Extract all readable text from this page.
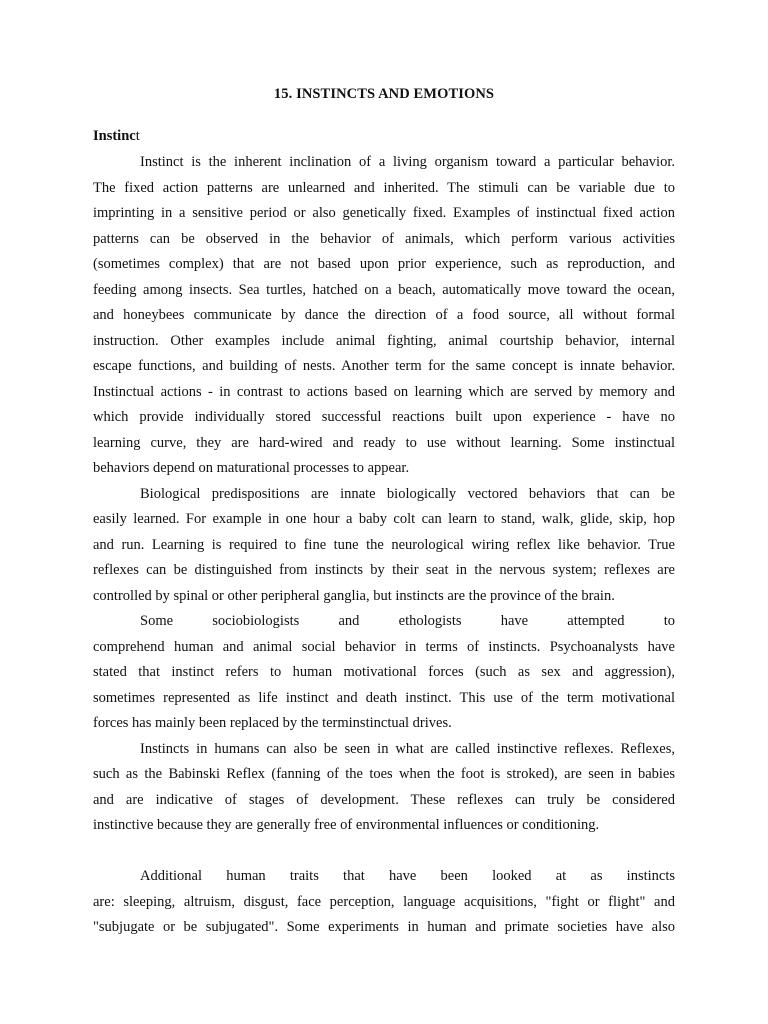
15. INSTINCTS AND EMOTIONS
Instinct
Instinct is the inherent inclination of a living organism toward a particular behavior.
The fixed action patterns are unlearned and inherited. The stimuli can be variable due to
imprinting in a sensitive period or also genetically fixed. Examples of instinctual fixed action
patterns can be observed in the behavior of animals, which perform various activities
(sometimes complex) that are not based upon prior experience, such as reproduction, and
feeding among insects. Sea turtles, hatched on a beach, automatically move toward the ocean,
and honeybees communicate by dance the direction of a food source, all without formal
instruction. Other examples include animal fighting, animal courtship behavior, internal
escape functions, and building of nests. Another term for the same concept is innate behavior.
Instinctual actions - in contrast to actions based on learning which are served by memory and
which provide individually stored successful reactions built upon experience - have no
learning curve, they are hard-wired and ready to use without learning. Some instinctual
behaviors depend on maturational processes to appear.
Biological predispositions are innate biologically vectored behaviors that can be
easily learned. For example in one hour a baby colt can learn to stand, walk, glide, skip, hop
and run. Learning is required to fine tune the neurological wiring reflex like behavior. True
reflexes can be distinguished from instincts by their seat in the nervous system; reflexes are
controlled by spinal or other peripheral ganglia, but instincts are the province of the brain.
Some sociobiologists and ethologists have attempted to
comprehend human and animal social behavior in terms of instincts. Psychoanalysts have
stated that instinct refers to human motivational forces (such as sex and aggression),
sometimes represented as life instinct and death instinct. This use of the term motivational
forces has mainly been replaced by the terminstinctual drives.
Instincts in humans can also be seen in what are called instinctive reflexes. Reflexes,
such as the Babinski Reflex (fanning of the toes when the foot is stroked), are seen in babies
and are indicative of stages of development. These reflexes can truly be considered
instinctive because they are generally free of environmental influences or conditioning.
Additional human traits that have been looked at as instincts
are: sleeping, altruism, disgust, face perception, language acquisitions, "fight or flight" and
"subjugate or be subjugated". Some experiments in human and primate societies have also
